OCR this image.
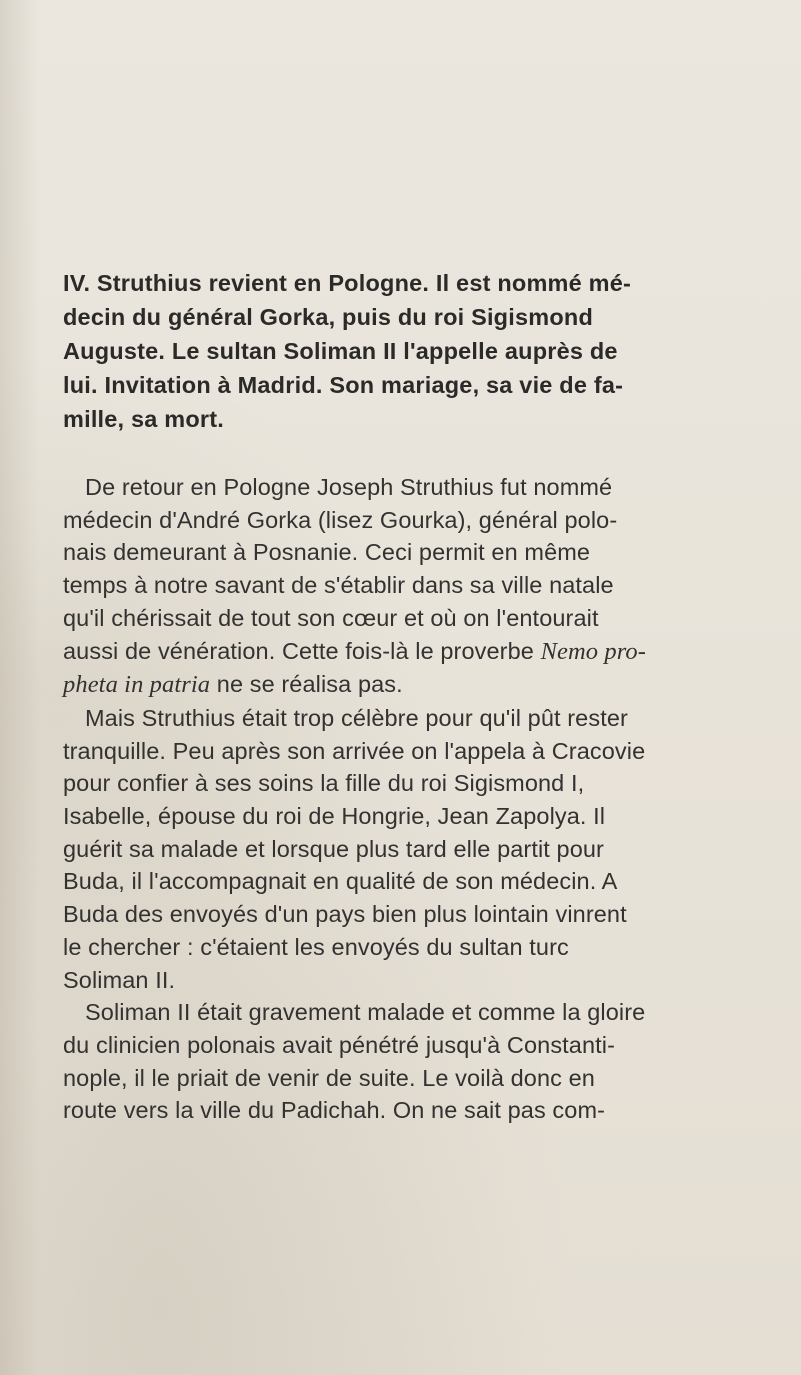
IV. Struthius revient en Pologne. Il est nommé mé-
decin du général Gorka, puis du roi Sigismond
Auguste. Le sultan Soliman II l'appelle auprès de
lui. Invitation à Madrid. Son mariage, sa vie de fa-
mille, sa mort.
De retour en Pologne Joseph Struthius fut nommé
médecin d'André Gorka (lisez Gourka), général polo-
nais demeurant à Posnanie. Ceci permit en même
temps à notre savant de s'établir dans sa ville natale
qu'il chérissait de tout son cœur et où on l'entourait
aussi de vénération. Cette fois-là le proverbe Nemo pro-
pheta in patria ne se réalisa pas.
Mais Struthius était trop célèbre pour qu'il pût rester
tranquille. Peu après son arrivée on l'appela à Cracovie
pour confier à ses soins la fille du roi Sigismond I,
Isabelle, épouse du roi de Hongrie, Jean Zapolya. Il
guérit sa malade et lorsque plus tard elle partit pour
Buda, il l'accompagnait en qualité de son médecin. A
Buda des envoyés d'un pays bien plus lointain vinrent
le chercher : c'étaient les envoyés du sultan turc
Soliman II.
Soliman II était gravement malade et comme la gloire
du clinicien polonais avait pénétré jusqu'à Constanti-
nople, il le priait de venir de suite. Le voilà donc en
route vers la ville du Padichah. On ne sait pas com-
